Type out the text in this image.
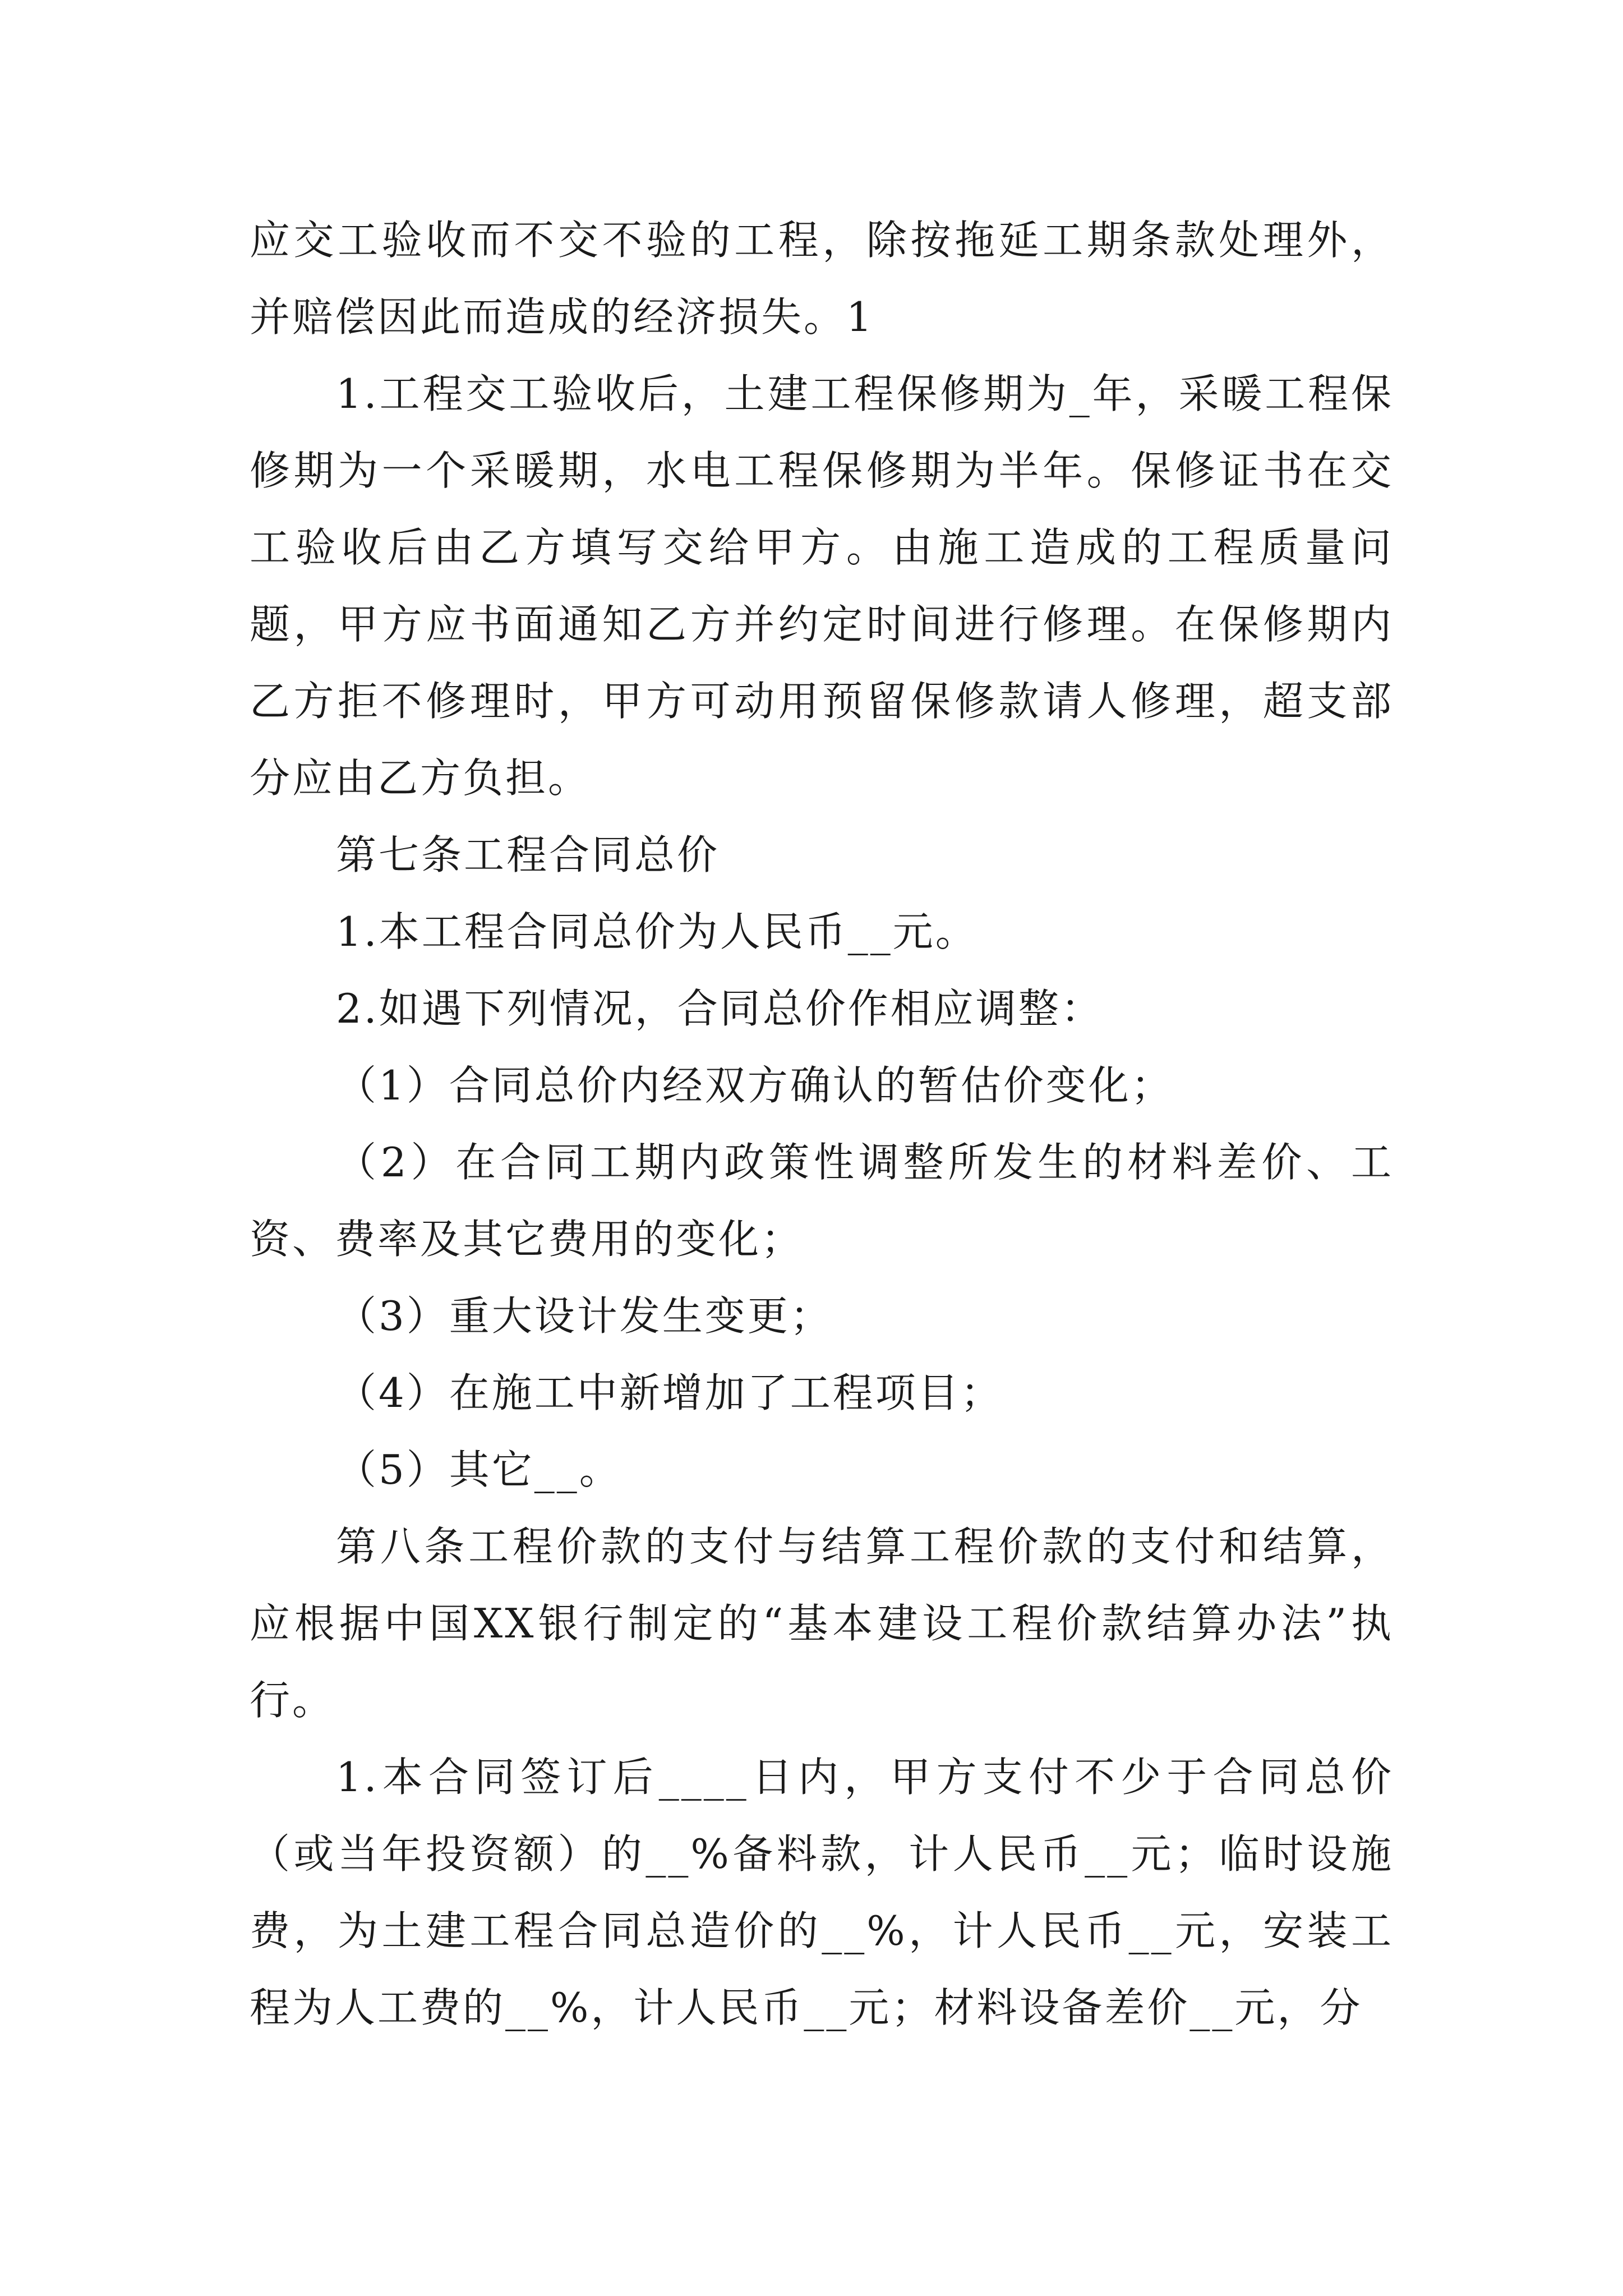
应交工验收而不交不验的工程，除按拖延工期条款处理外，并赔偿因此而造成的经济损失。1

1.工程交工验收后，土建工程保修期为_年，采暖工程保修期为一个采暖期，水电工程保修期为半年。保修证书在交工验收后由乙方填写交给甲方。由施工造成的工程质量问题，甲方应书面通知乙方并约定时间进行修理。在保修期内乙方拒不修理时，甲方可动用预留保修款请人修理，超支部分应由乙方负担。

第七条工程合同总价

1.本工程合同总价为人民币__元。

2.如遇下列情况，合同总价作相应调整：

（1）合同总价内经双方确认的暂估价变化；

（2）在合同工期内政策性调整所发生的材料差价、工资、费率及其它费用的变化；

（3）重大设计发生变更；

（4）在施工中新增加了工程项目；

（5）其它__。

第八条工程价款的支付与结算工程价款的支付和结算，应根据中国XX银行制定的“基本建设工程价款结算办法”执行。

1.本合同签订后____日内，甲方支付不少于合同总价（或当年投资额）的__%备料款，计人民币__元；临时设施费，为土建工程合同总造价的__%，计人民币__元，安装工程为人工费的__%，计人民币__元；材料设备差价__元，分
